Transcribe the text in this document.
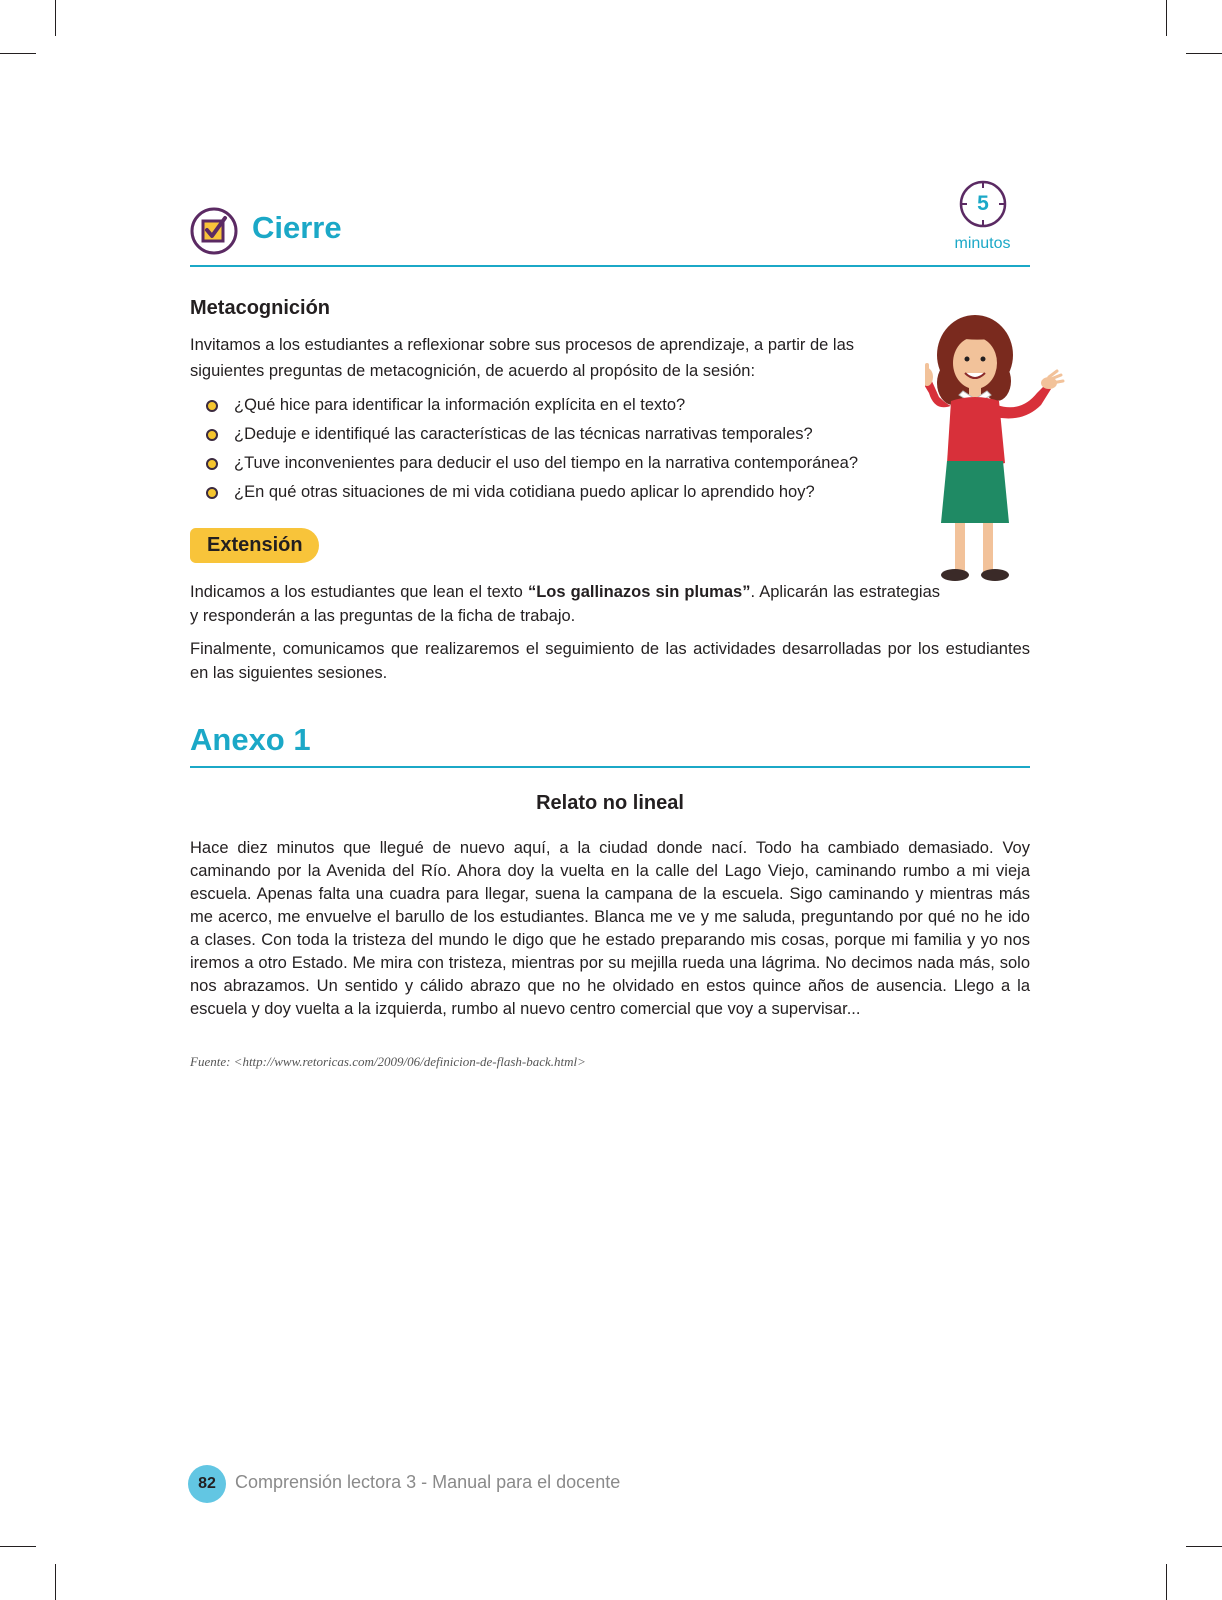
Cierre
5
minutos
Metacognición
Invitamos a los estudiantes a reflexionar sobre sus procesos de aprendizaje, a partir de las siguientes preguntas de metacognición, de acuerdo al propósito de la sesión:
¿Qué hice para identificar la información explícita en el texto?
¿Deduje e identifiqué las características de las técnicas narrativas temporales?
¿Tuve inconvenientes para deducir el uso del tiempo en la narrativa contemporánea?
¿En qué otras situaciones de mi vida cotidiana puedo aplicar lo aprendido hoy?
Extensión
Indicamos a los estudiantes que lean el texto “Los gallinazos sin plumas”. Aplicarán las estrategias y responderán a las preguntas de la ficha de trabajo.
Finalmente, comunicamos que realizaremos el seguimiento de las actividades desarrolladas por los estudiantes en las siguientes sesiones.
Anexo 1
Relato no lineal
Hace diez minutos que llegué de nuevo aquí, a la ciudad donde nací. Todo ha cambiado demasiado. Voy caminando por la Avenida del Río. Ahora doy la vuelta en la calle del Lago Viejo, caminando rumbo a mi vieja escuela. Apenas falta una cuadra para llegar, suena la campana de la escuela. Sigo caminando y mientras más me acerco, me envuelve el barullo de los estudiantes. Blanca me ve y me saluda, preguntando por qué no he ido a clases. Con toda la tristeza del mundo le digo que he estado preparando mis cosas, porque mi familia y yo nos iremos a otro Estado. Me mira con tristeza, mientras por su mejilla rueda una lágrima. No decimos nada más, solo nos abrazamos. Un sentido y cálido abrazo que no he olvidado en estos quince años de ausencia. Llego a la escuela y doy vuelta a la izquierda, rumbo al nuevo centro comercial que voy a supervisar...
Fuente: <http://www.retoricas.com/2009/06/definicion-de-flash-back.html>
82	Comprensión lectora 3 - Manual para el docente
